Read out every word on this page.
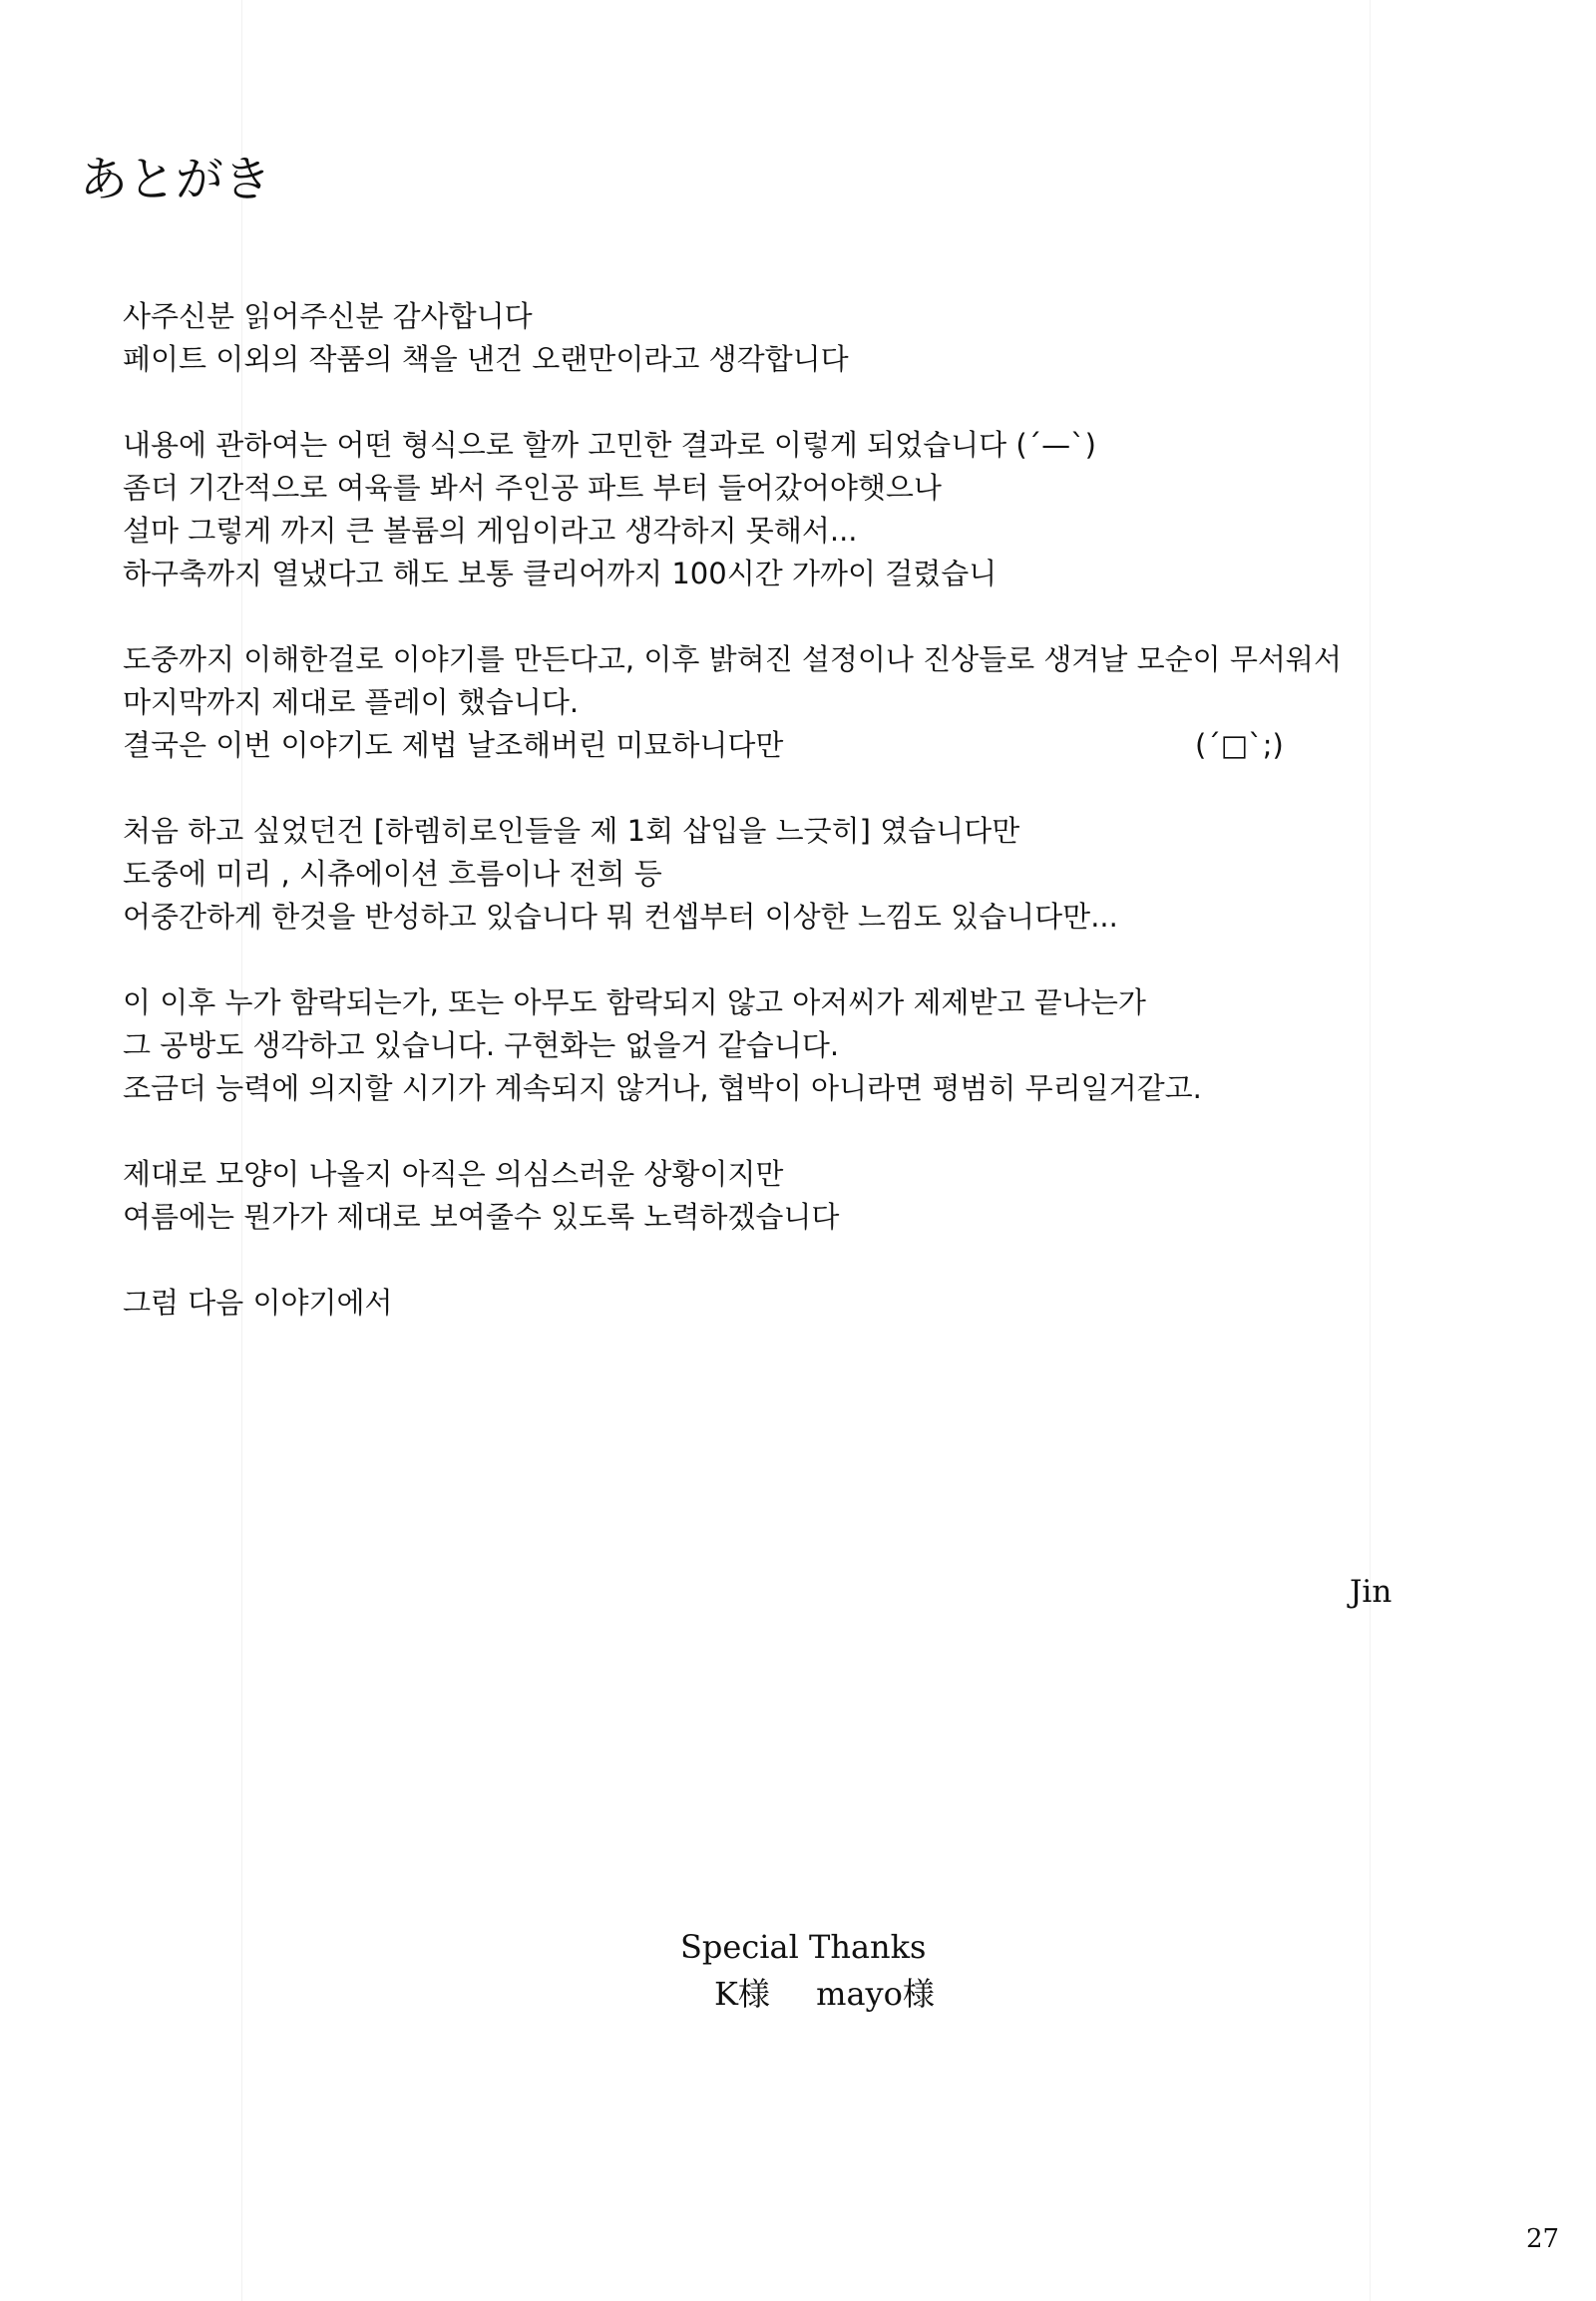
あとがき
사주신분 읽어주신분 감사합니다
페이트 이외의 작품의 책을 낸건 오랜만이라고 생각합니다
내용에 관하여는 어떤 형식으로 할까 고민한 결과로 이렇게 되었습니다 (´—`)
좀더 기간적으로 여육를 봐서 주인공 파트 부터 들어갔어야햇으나
설마 그렇게 까지 큰 볼륨의 게임이라고 생각하지 못해서...
하구축까지 열냈다고 해도 보통 클리어까지 100시간 가까이 걸렸습니
도중까지 이해한걸로 이야기를 만든다고, 이후 밝혀진 설정이나 진상들로 생겨날 모순이 무서워서
마지막까지 제대로 플레이 했습니다.
결국은 이번 이야기도 제법 날조해버린 미묘하니다만	(´□`;)
처음 하고 싶었던건 [하렘히로인들을 제 1회 삽입을 느긋히] 였습니다만
도중에 미리 , 시츄에이션 흐름이나 전희 등
어중간하게 한것을 반성하고 있습니다 뭐 컨셉부터 이상한 느낌도 있습니다만...
이 이후 누가 함락되는가, 또는 아무도 함락되지 않고 아저씨가 제제받고 끝나는가
그 공방도 생각하고 있습니다. 구현화는 없을거 같습니다.
조금더 능력에 의지할 시기가 계속되지 않거나, 협박이 아니라면 평범히 무리일거같고.
제대로 모양이 나올지 아직은 의심스러운 상황이지만
여름에는 뭔가가 제대로 보여줄수 있도록 노력하겠습니다
그럼 다음 이야기에서
Jin
Special Thanks
K様 mayo様
27
